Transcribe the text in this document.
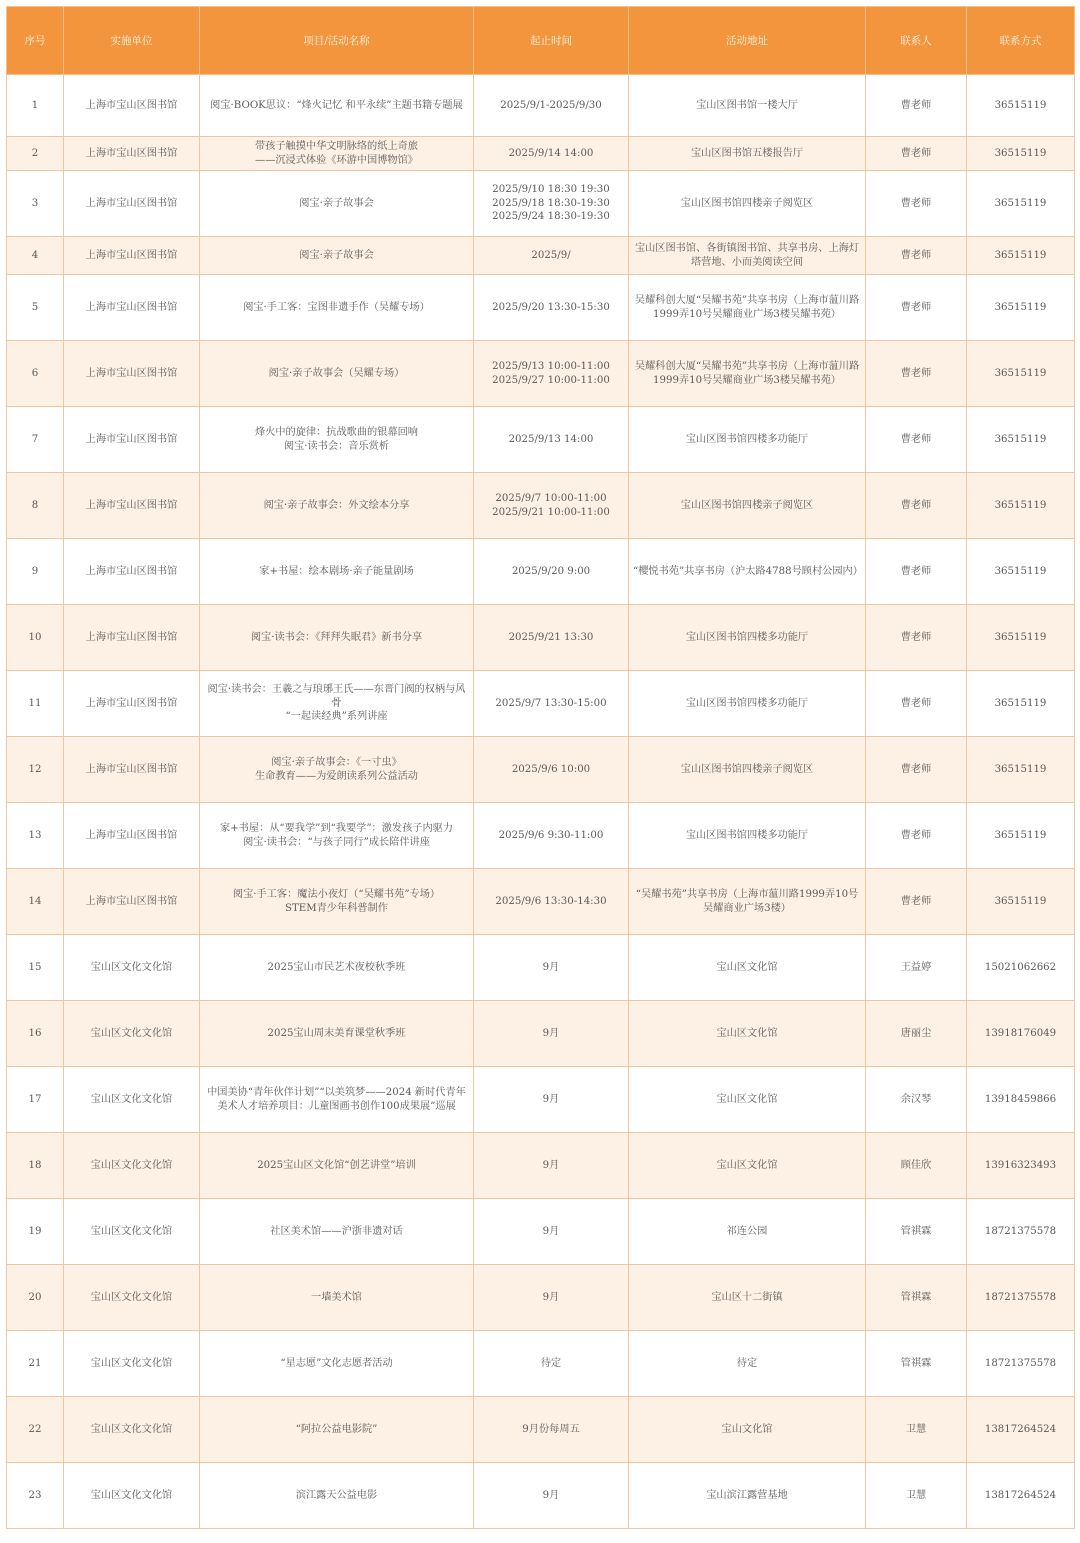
序号	实施单位	项目/活动名称	起止时间	活动地址	联系人	联系方式
1	上海市宝山区图书馆	阅宝·BOOK思议：“烽火记忆 和平永续”主题书籍专题展	2025/9/1-2025/9/30	宝山区图书馆一楼大厅	曹老师	36515119
2	上海市宝山区图书馆	带孩子触摸中华文明脉络的纸上奇旅
——沉浸式体验《环游中国博物馆》	2025/9/14 14:00	宝山区图书馆五楼报告厅	曹老师	36515119
3	上海市宝山区图书馆	阅宝·亲子故事会	2025/9/10 18:30 19:30
2025/9/18 18:30-19:30
2025/9/24 18:30-19:30	宝山区图书馆四楼亲子阅览区	曹老师	36515119
4	上海市宝山区图书馆	阅宝·亲子故事会	2025/9/	宝山区图书馆、各街镇图书馆、共享书房、上海灯塔营地、小而美阅读空间	曹老师	36515119
5	上海市宝山区图书馆	阅宝·手工客：宝图非遗手作（吴耀专场）	2025/9/20 13:30-15:30	吴耀科创大厦“吴耀书苑”共享书房（上海市蕰川路1999弄10号吴耀商业广场3楼吴耀书苑）	曹老师	36515119
6	上海市宝山区图书馆	阅宝·亲子故事会（吴耀专场）	2025/9/13 10:00-11:00
2025/9/27 10:00-11:00	吴耀科创大厦“吴耀书苑”共享书房（上海市蕰川路1999弄10号吴耀商业广场3楼吴耀书苑）	曹老师	36515119
7	上海市宝山区图书馆	烽火中的旋律：抗战歌曲的银幕回响
阅宝·读书会：音乐赏析	2025/9/13 14:00	宝山区图书馆四楼多功能厅	曹老师	36515119
8	上海市宝山区图书馆	阅宝·亲子故事会：外文绘本分享	2025/9/7 10:00-11:00
2025/9/21 10:00-11:00	宝山区图书馆四楼亲子阅览区	曹老师	36515119
9	上海市宝山区图书馆	家+书屋：绘本剧场·亲子能量剧场	2025/9/20 9:00	“樱悦书苑”共享书房（沪太路4788号顾村公园内）	曹老师	36515119
10	上海市宝山区图书馆	阅宝·读书会：《拜拜失眠君》新书分享	2025/9/21 13:30	宝山区图书馆四楼多功能厅	曹老师	36515119
11	上海市宝山区图书馆	阅宝·读书会：王羲之与琅琊王氏——东晋门阀的权柄与风骨
“一起读经典”系列讲座	2025/9/7 13:30-15:00	宝山区图书馆四楼多功能厅	曹老师	36515119
12	上海市宝山区图书馆	阅宝·亲子故事会：《一寸虫》
生命教育——为爱朗读系列公益活动	2025/9/6 10:00	宝山区图书馆四楼亲子阅览区	曹老师	36515119
13	上海市宝山区图书馆	家+书屋：从“要我学”到“我要学”：激发孩子内驱力
阅宝·读书会：“与孩子同行”成长陪伴讲座	2025/9/6 9:30-11:00	宝山区图书馆四楼多功能厅	曹老师	36515119
14	上海市宝山区图书馆	阅宝·手工客：魔法小夜灯（“吴耀书苑”专场）
STEM青少年科普制作	2025/9/6 13:30-14:30	“吴耀书苑”共享书房（上海市蕰川路1999弄10号吴耀商业广场3楼）	曹老师	36515119
15	宝山区文化文化馆	2025宝山市民艺术夜校秋季班	9月	宝山区文化馆	王益婷	15021062662
16	宝山区文化文化馆	2025宝山周末美育课堂秋季班	9月	宝山区文化馆	唐丽尘	13918176049
17	宝山区文化文化馆	中国美协“青年伙伴计划”“以美筑梦——2024 新时代青年美术人才培养项目：儿童图画书创作100成果展”巡展	9月	宝山区文化馆	余汉琴	13918459866
18	宝山区文化文化馆	2025宝山区文化馆“创艺讲堂”培训	9月	宝山区文化馆	顾佳欣	13916323493
19	宝山区文化文化馆	社区美术馆——沪浙非遗对话	9月	祁连公园	管祺霖	18721375578
20	宝山区文化文化馆	一墙美术馆	9月	宝山区十二街镇	管祺霖	18721375578
21	宝山区文化文化馆	“星志愿”文化志愿者活动	待定	待定	管祺霖	18721375578
22	宝山区文化文化馆	“阿拉公益电影院”	9月份每周五	宝山文化馆	卫慧	13817264524
23	宝山区文化文化馆	滨江露天公益电影	9月	宝山滨江露营基地	卫慧	13817264524
